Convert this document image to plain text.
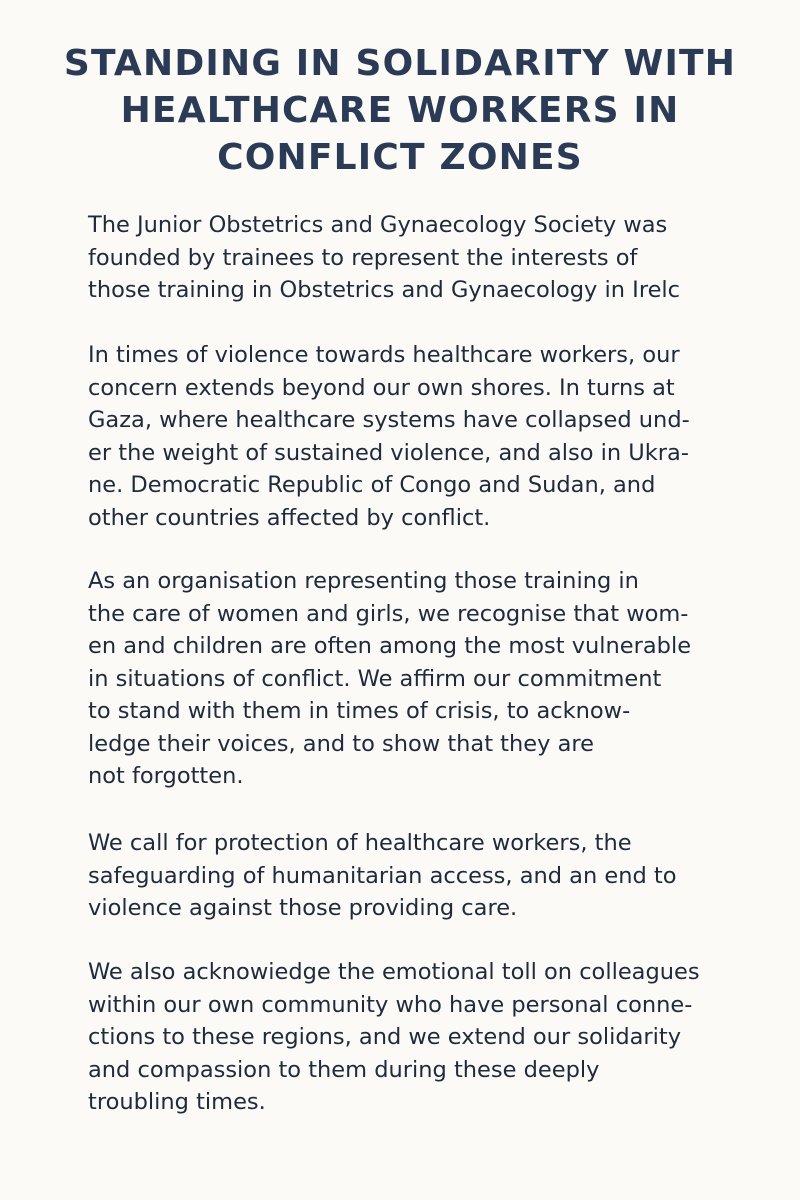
STANDING IN SOLIDARITY WITH
HEALTHCARE WORKERS IN
CONFLICT ZONES

The Junior Obstetrics and Gynaecology Society was
founded by trainees to represent the interests of
those training in Obstetrics and Gynaecology in Irelc

In times of violence towards healthcare workers, our
concern extends beyond our own shores. In turns at
Gaza, where healthcare systems have collapsed und-
er the weight of sustained violence, and also in Ukra-
ne. Democratic Republic of Congo and Sudan, and
other countries affected by conflict.

As an organisation representing those training in
the care of women and girls, we recognise that wom-
en and children are often among the most vulnerable
in situations of conflict. We affirm our commitment
to stand with them in times of crisis, to acknow-
ledge their voices, and to show that they are
not forgotten.

We call for protection of healthcare workers, the
safeguarding of humanitarian access, and an end to
violence against those providing care.

We also acknowiedge the emotional toll on colleagues
within our own community who have personal conne-
ctions to these regions, and we extend our solidarity
and compassion to them during these deeply
troubling times.
